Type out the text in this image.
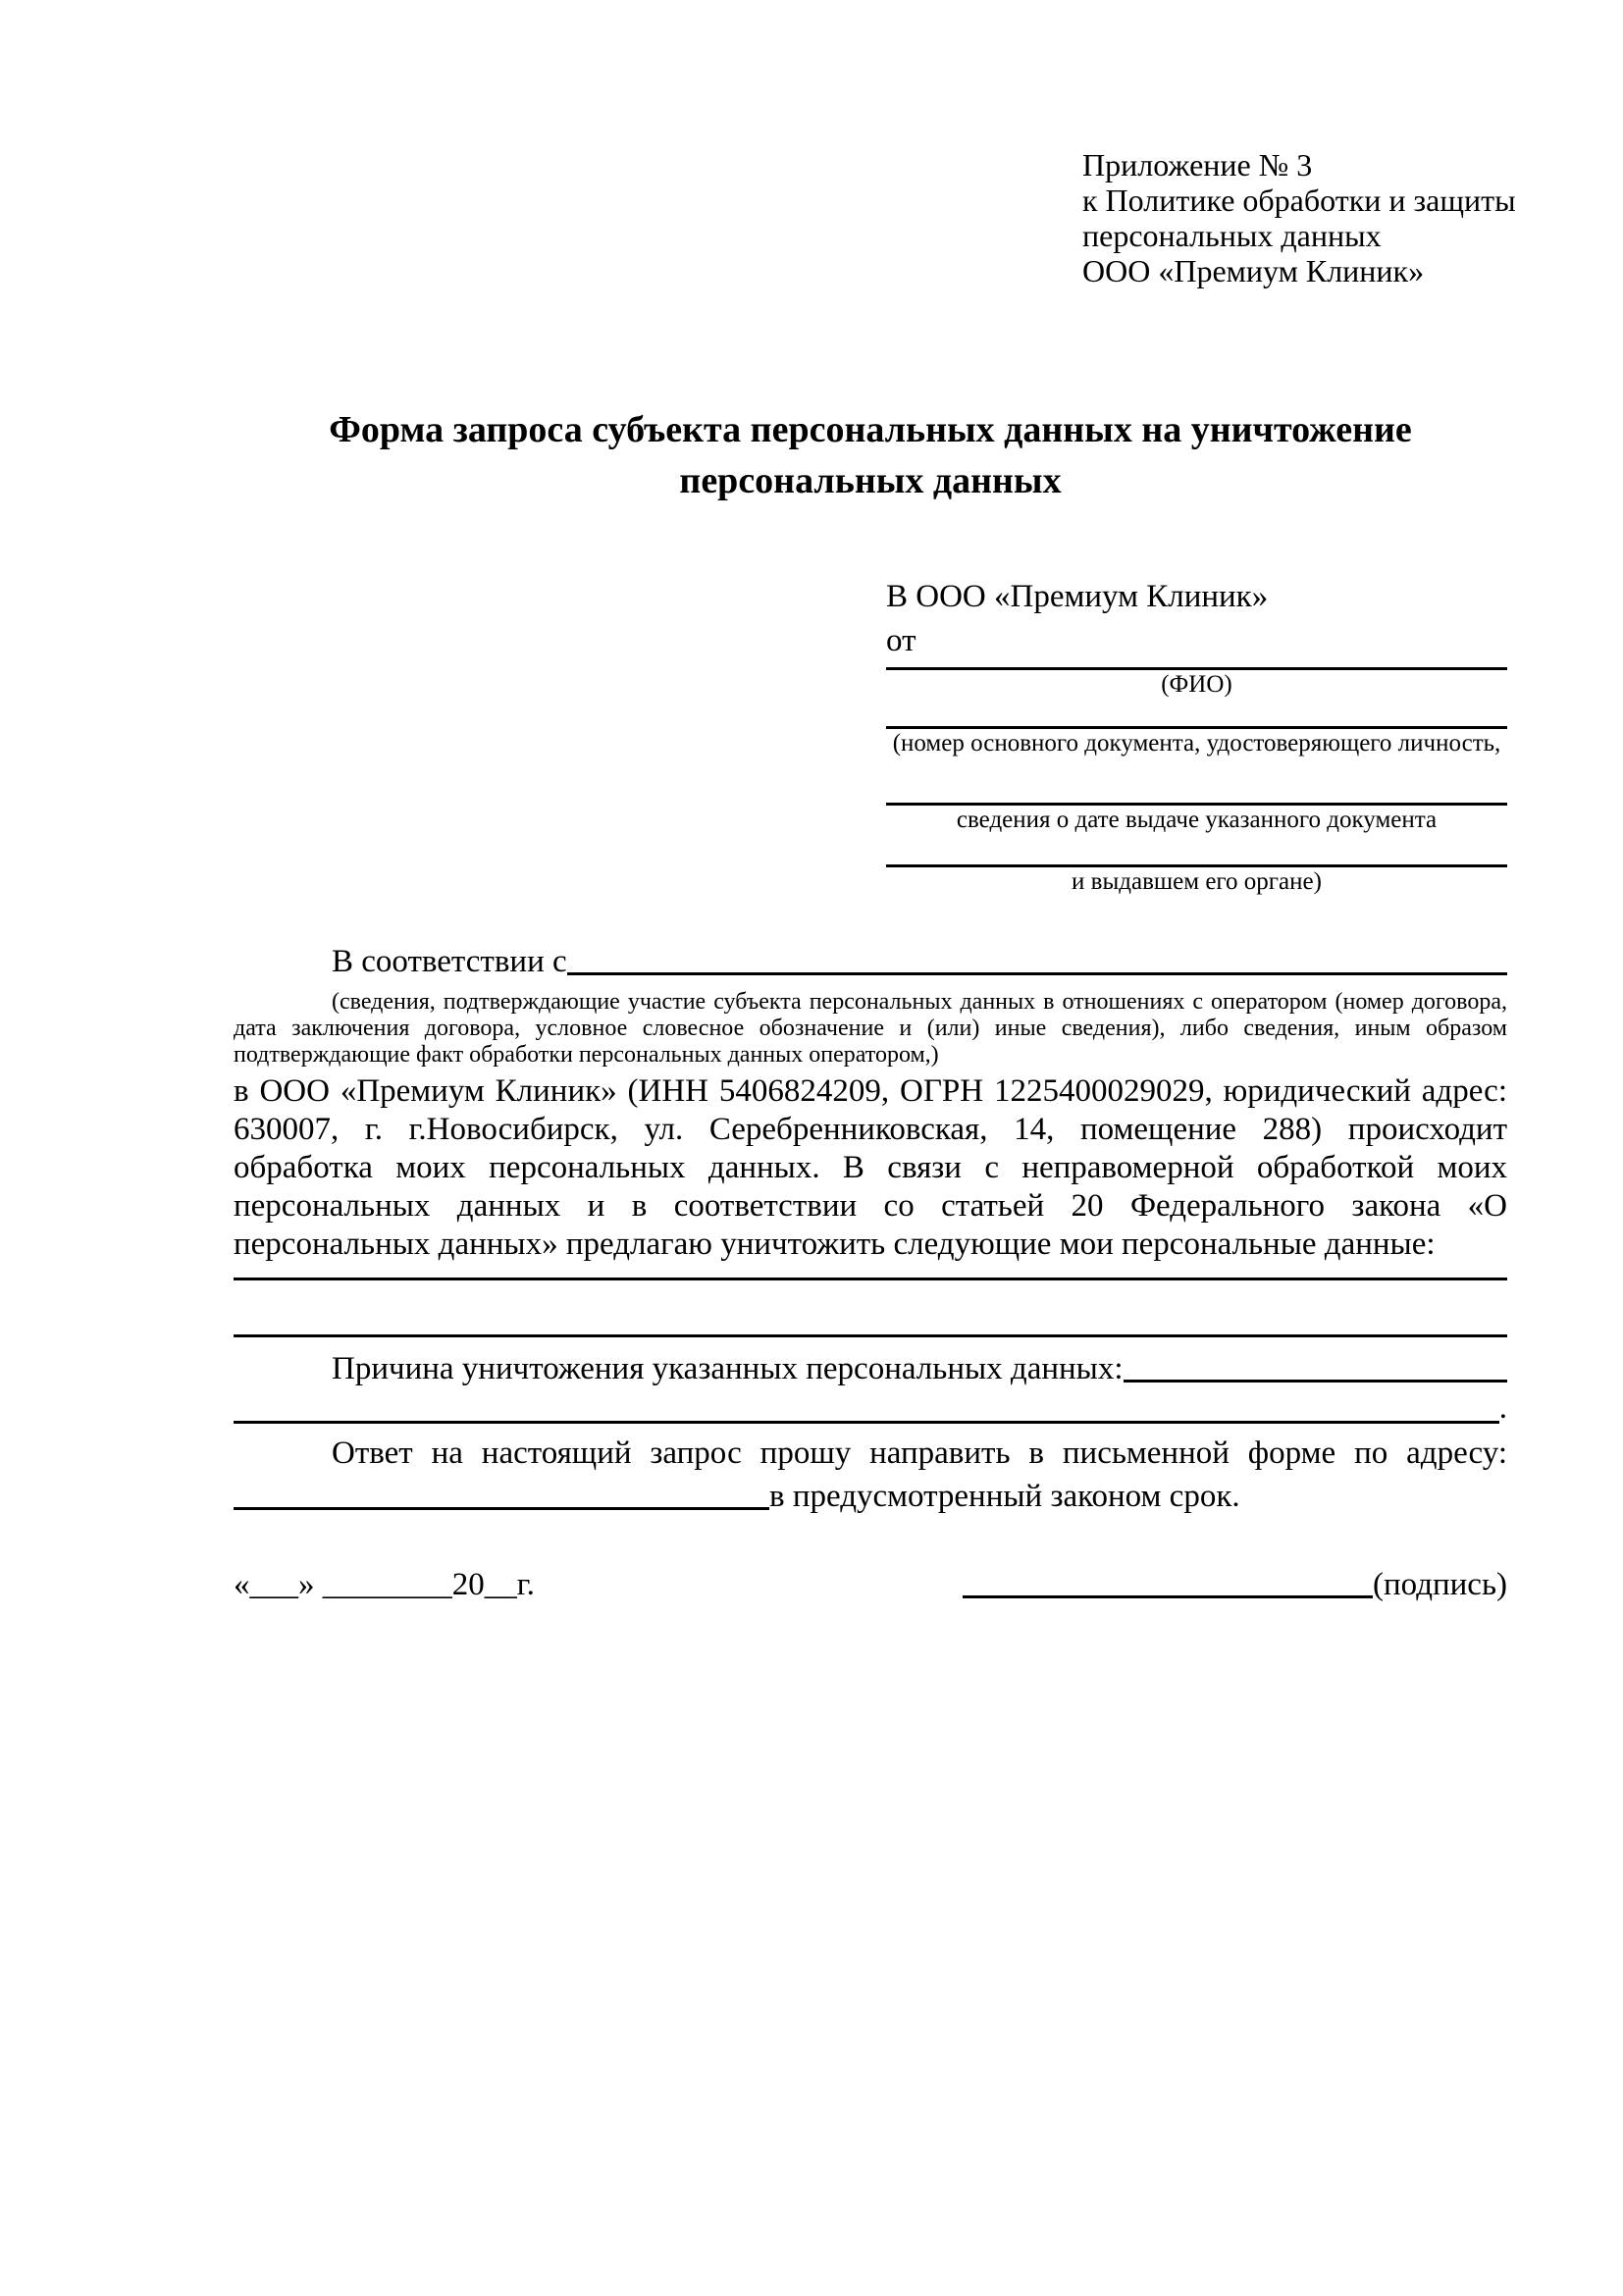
Приложение № 3
к Политике обработки и защиты
персональных данных
ООО «Премиум Клиник»
Форма запроса субъекта персональных данных на уничтожение
персональных данных
В ООО «Премиум Клиник»
от
(ФИО)
(номер основного документа, удостоверяющего личность,
сведения о дате выдаче указанного документа
и выдавшем его органе)
В соответствии с

(сведения, подтверждающие участие субъекта персональных данных в отношениях с оператором (номер договора, дата заключения договора, условное словесное обозначение и (или) иные сведения), либо сведения, иным образом подтверждающие факт обработки персональных данных оператором,)

в ООО «Премиум Клиник» (ИНН 5406824209, ОГРН 1225400029029, юридический адрес: 630007, г. г.Новосибирск, ул. Серебренниковская, 14, помещение 288) происходит обработка моих персональных данных. В связи с неправомерной обработкой моих персональных данных и в соответствии со статьей 20 Федерального закона «О персональных данных» предлагаю уничтожить следующие мои персональные данные:

Причина уничтожения указанных персональных данных:
.

Ответ на настоящий запрос прошу направить в письменной форме по адресу:

в предусмотренный законом срок.
«___» ________20__г.	(подпись)
